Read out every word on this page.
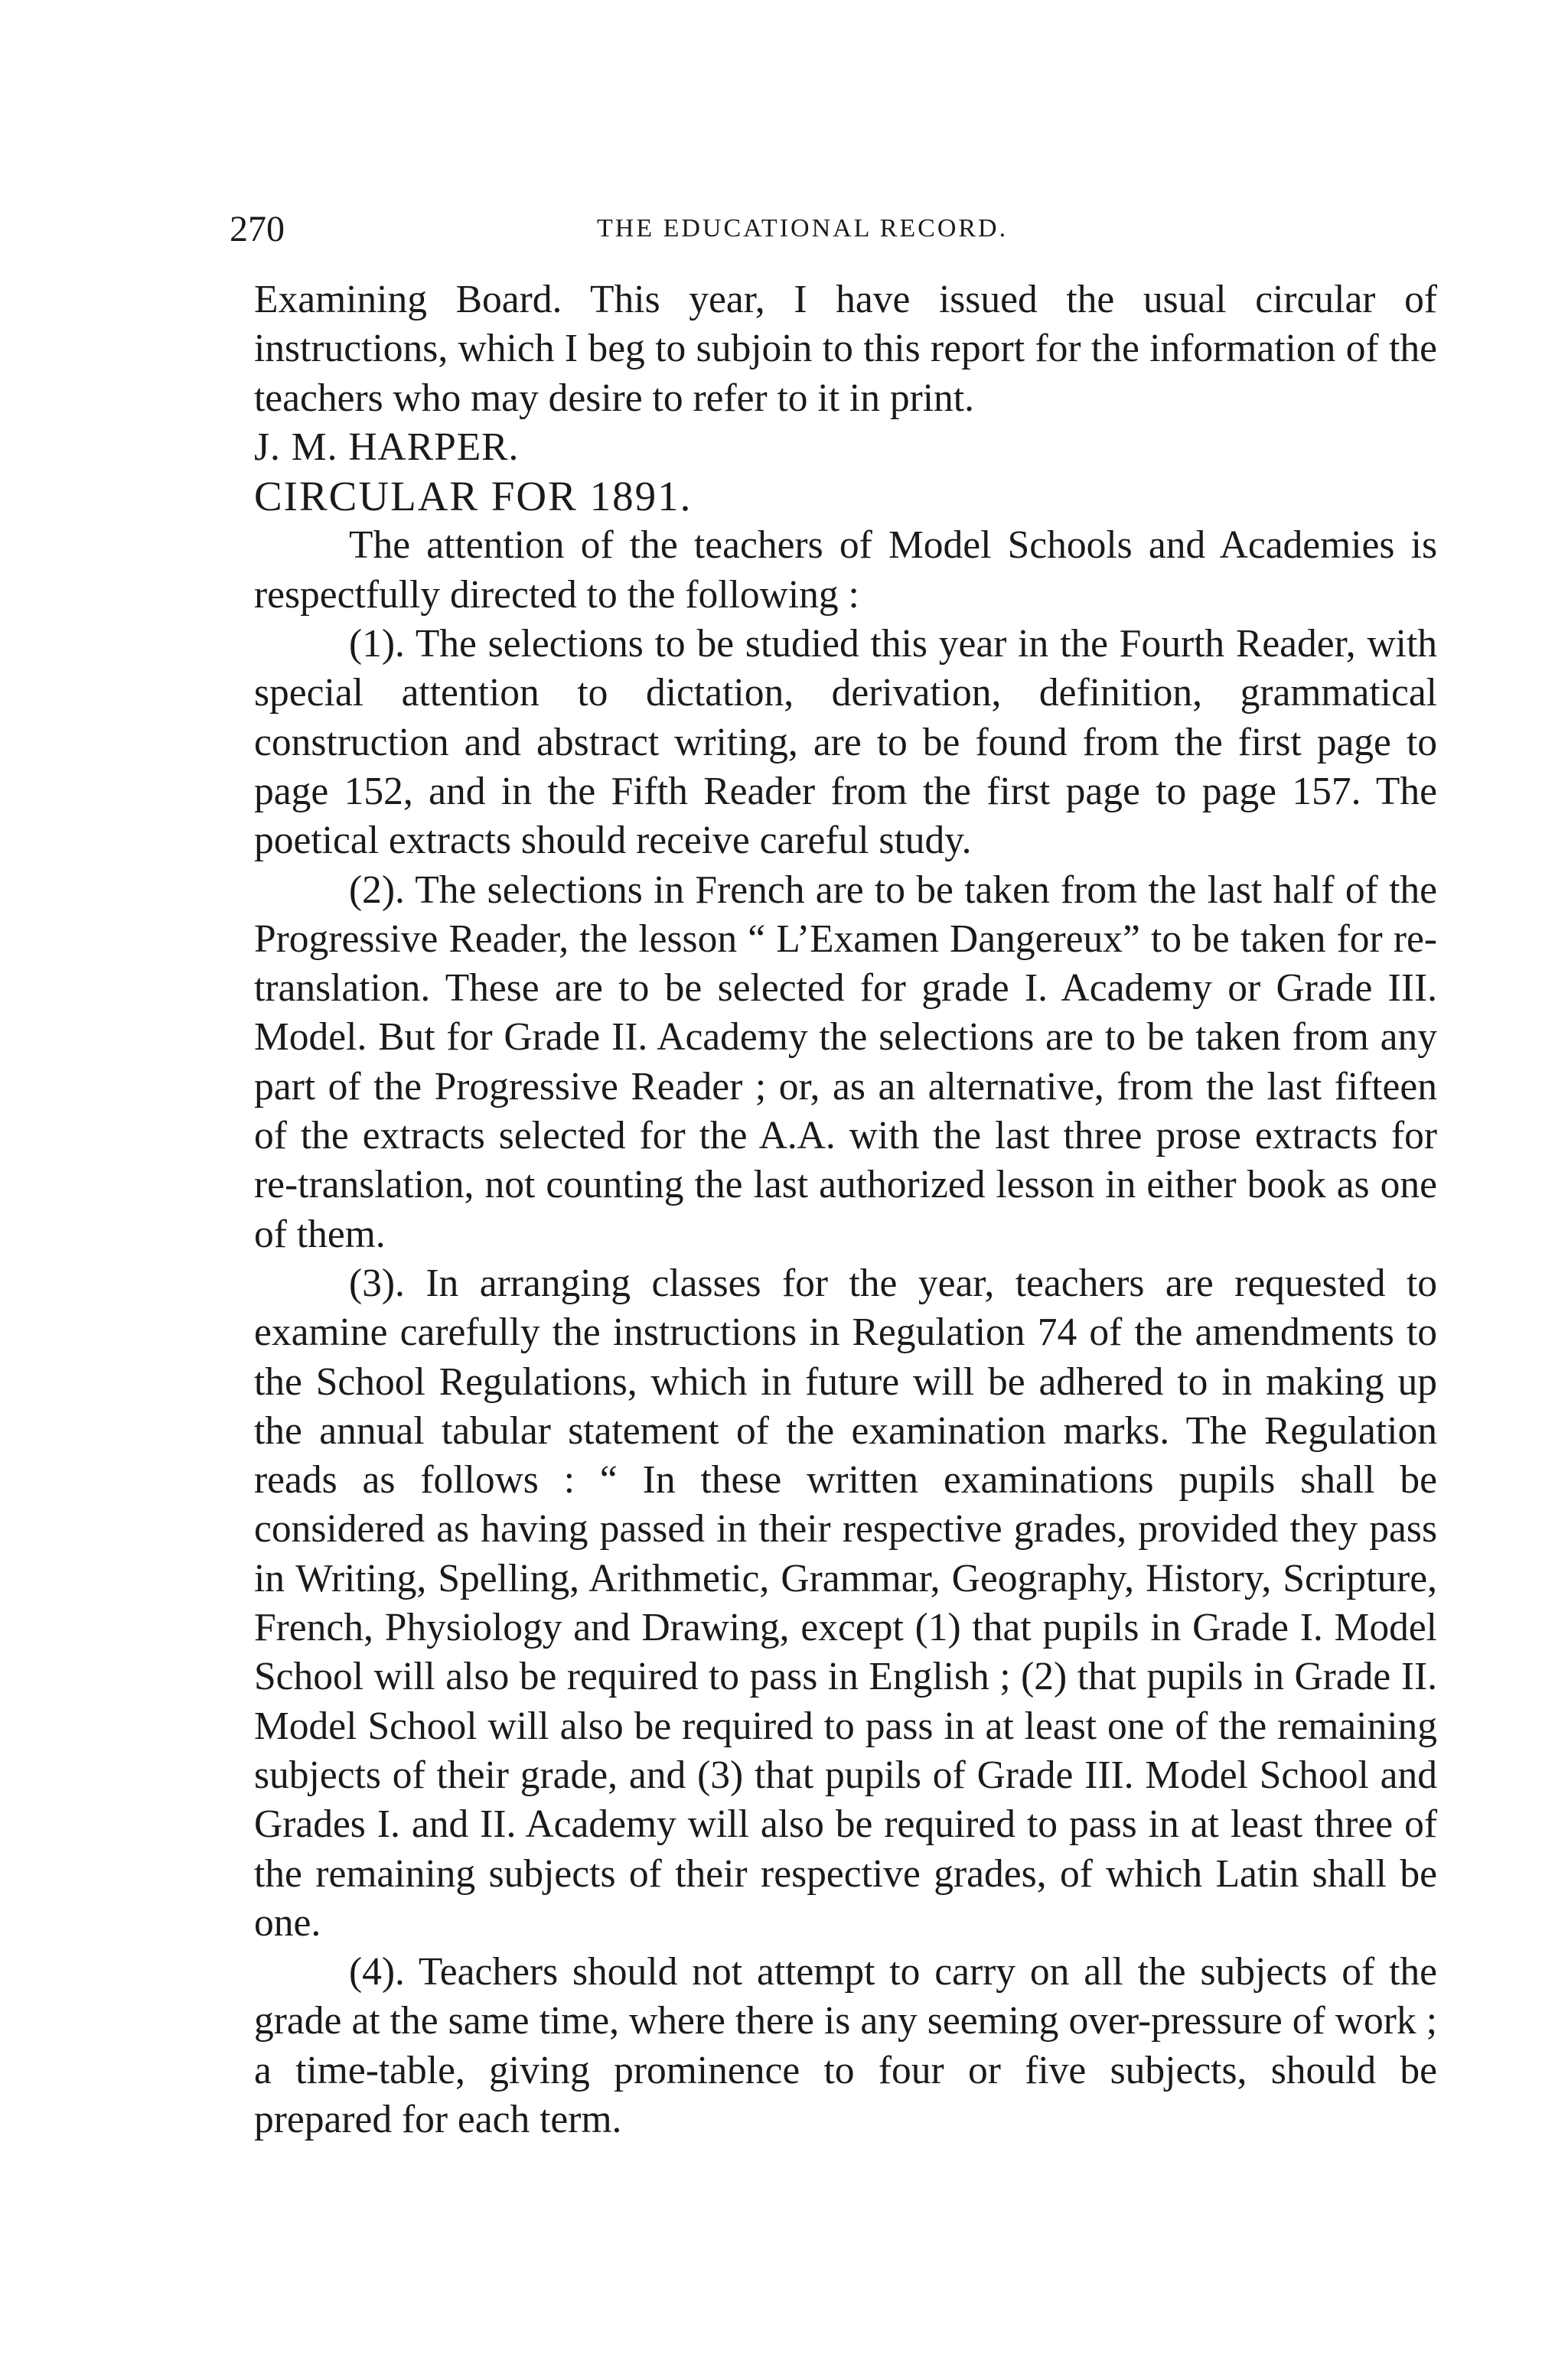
270	THE EDUCATIONAL RECORD.

Examining Board. This year, I have issued the usual circular of instructions, which I beg to subjoin to this report for the information of the teachers who may desire to refer to it in print.

J. M. HARPER.

CIRCULAR FOR 1891.

The attention of the teachers of Model Schools and Academies is respectfully directed to the following :

(1). The selections to be studied this year in the Fourth Reader, with special attention to dictation, derivation, definition, grammatical construction and abstract writing, are to be found from the first page to page 152, and in the Fifth Reader from the first page to page 157. The poetical extracts should receive careful study.

(2). The selections in French are to be taken from the last half of the Progressive Reader, the lesson “ L’Examen Dangereux” to be taken for re-translation. These are to be selected for grade I. Academy or Grade III. Model. But for Grade II. Academy the selections are to be taken from any part of the Progressive Reader ; or, as an alternative, from the last fifteen of the extracts selected for the A.A. with the last three prose extracts for re-translation, not counting the last authorized lesson in either book as one of them.

(3). In arranging classes for the year, teachers are requested to examine carefully the instructions in Regulation 74 of the amendments to the School Regulations, which in future will be adhered to in making up the annual tabular statement of the examination marks. The Regulation reads as follows : “ In these written examinations pupils shall be considered as having passed in their respective grades, provided they pass in Writing, Spelling, Arithmetic, Grammar, Geography, History, Scripture, French, Physiology and Drawing, except (1) that pupils in Grade I. Model School will also be required to pass in English ; (2) that pupils in Grade II. Model School will also be required to pass in at least one of the remaining subjects of their grade, and (3) that pupils of Grade III. Model School and Grades I. and II. Academy will also be required to pass in at least three of the remaining subjects of their respective grades, of which Latin shall be one.

(4). Teachers should not attempt to carry on all the subjects of the grade at the same time, where there is any seeming over-pressure of work ; a time-table, giving prominence to four or five subjects, should be prepared for each term.
